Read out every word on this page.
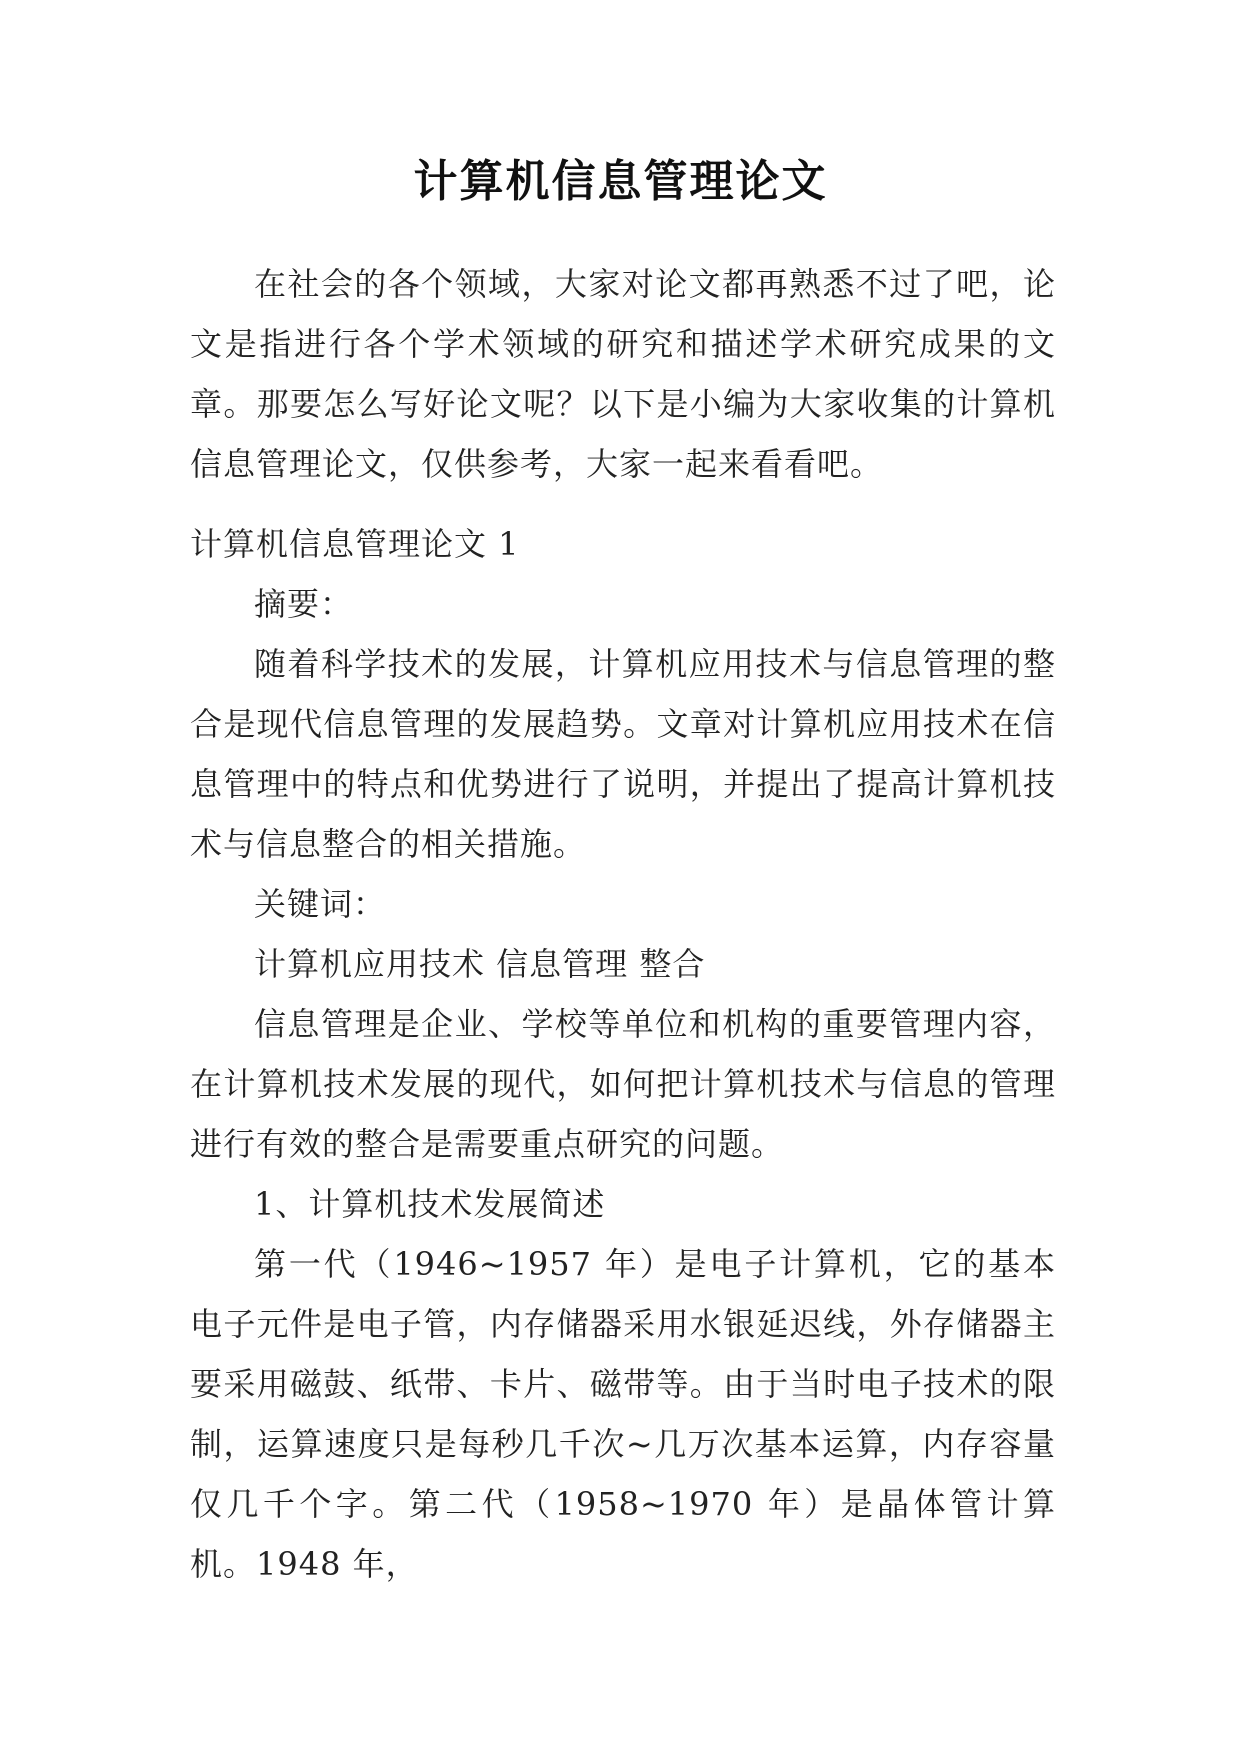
计算机信息管理论文

在社会的各个领域，大家对论文都再熟悉不过了吧，论文是指进行各个学术领域的研究和描述学术研究成果的文章。那要怎么写好论文呢？以下是小编为大家收集的计算机信息管理论文，仅供参考，大家一起来看看吧。

计算机信息管理论文 1

摘要：

随着科学技术的发展，计算机应用技术与信息管理的整合是现代信息管理的发展趋势。文章对计算机应用技术在信息管理中的特点和优势进行了说明，并提出了提高计算机技术与信息整合的相关措施。

关键词：

计算机应用技术 信息管理 整合

信息管理是企业、学校等单位和机构的重要管理内容，在计算机技术发展的现代，如何把计算机技术与信息的管理进行有效的整合是需要重点研究的问题。

1、计算机技术发展简述

第一代（1946~1957 年）是电子计算机，它的基本电子元件是电子管，内存储器采用水银延迟线，外存储器主要采用磁鼓、纸带、卡片、磁带等。由于当时电子技术的限制，运算速度只是每秒几千次~几万次基本运算，内存容量仅几千个字。第二代（1958~1970 年）是晶体管计算机。1948 年，
